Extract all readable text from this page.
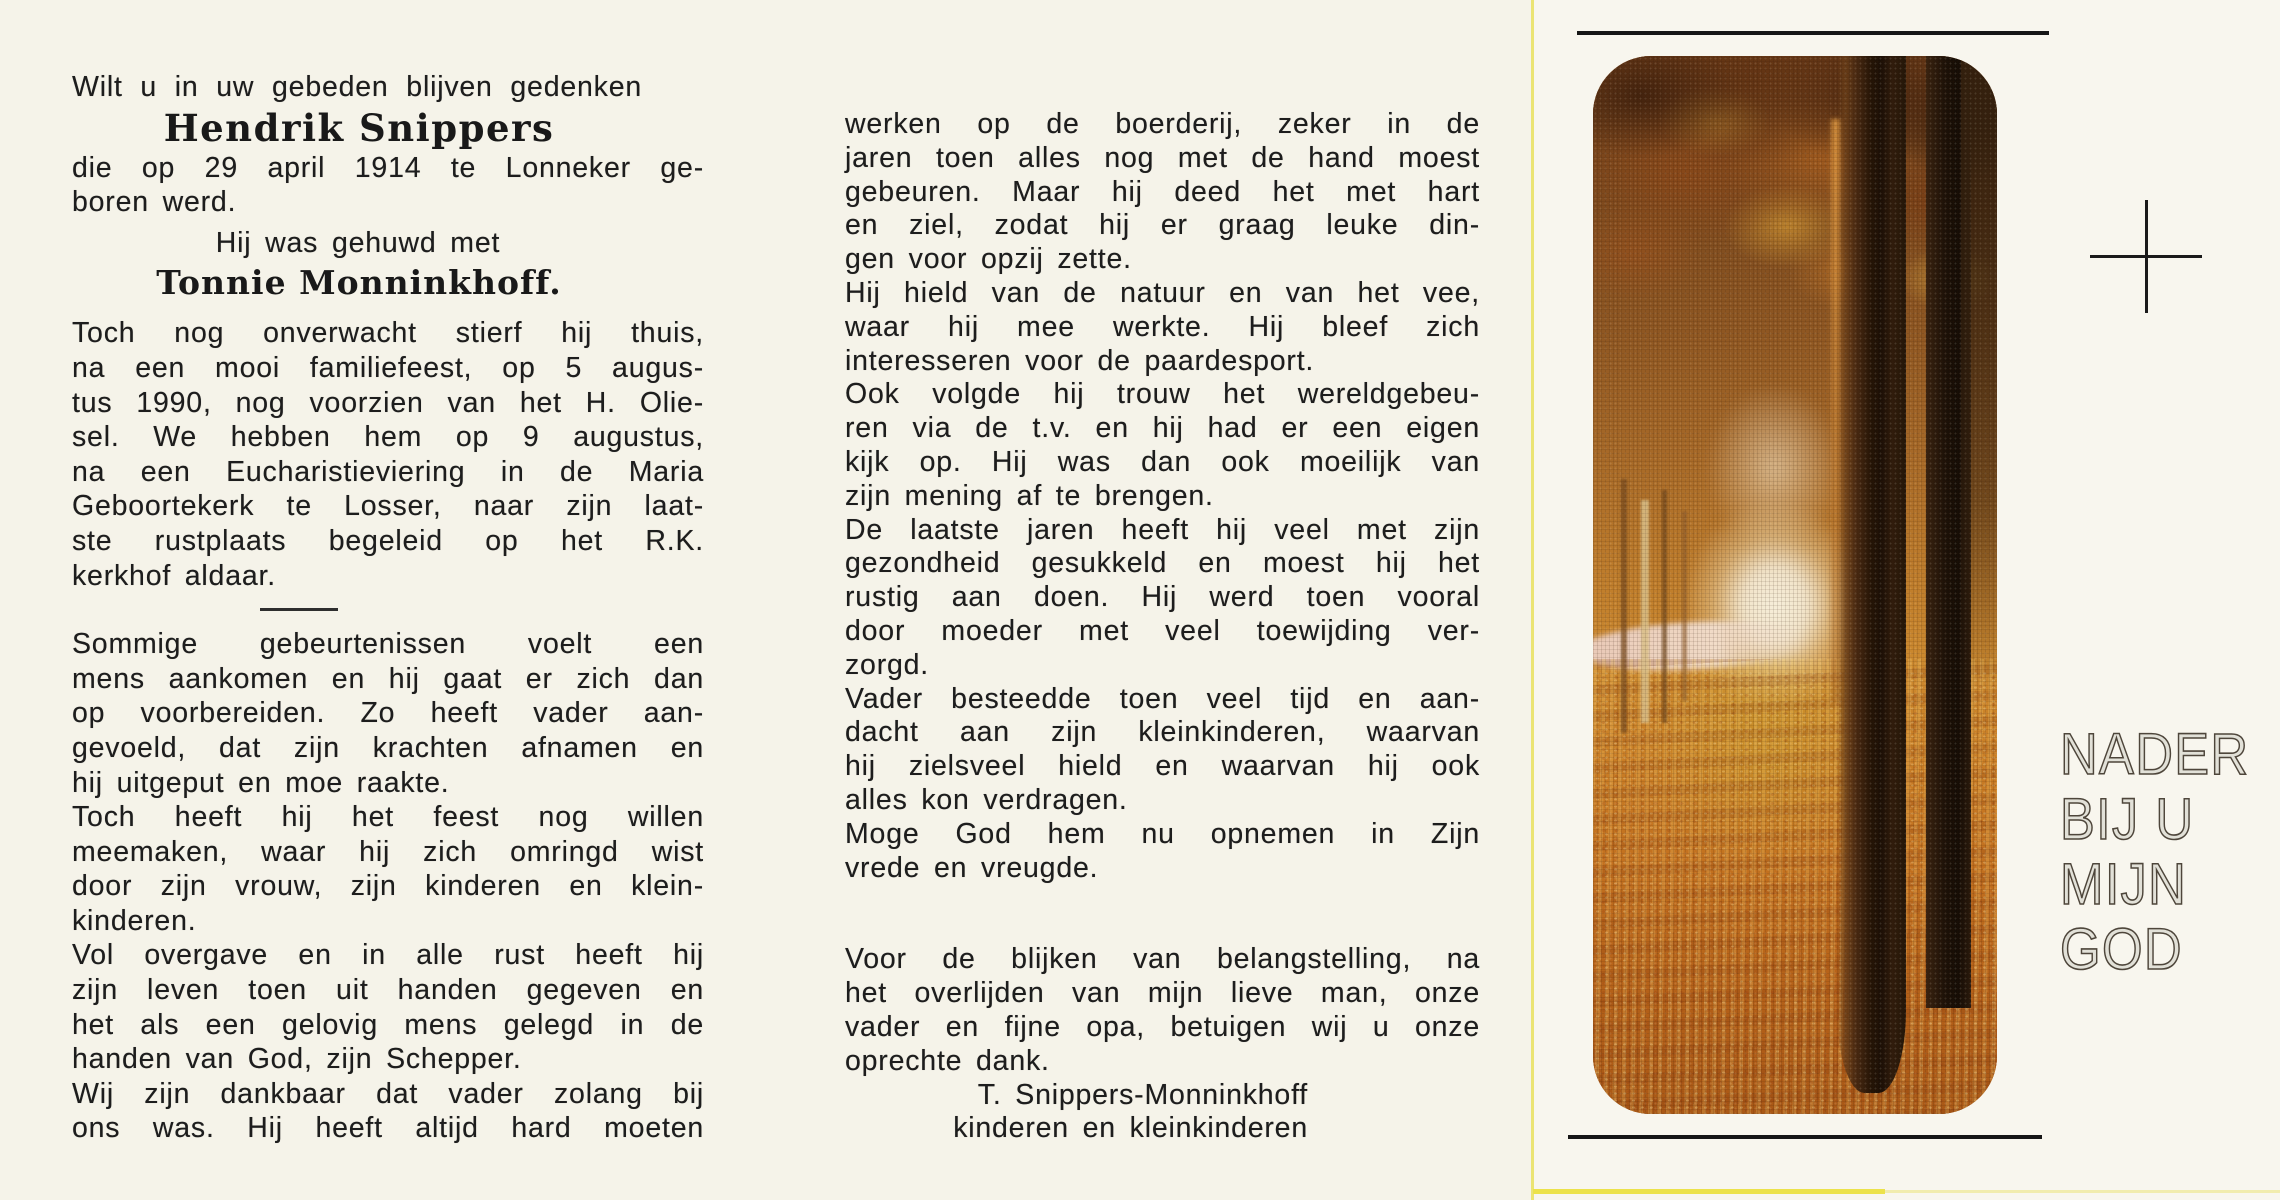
Wilt u in uw gebeden blijven gedenken
Hendrik Snippers
die op 29 april 1914 te Lonneker ge-
boren werd.
Hij was gehuwd met
Tonnie Monninkhoff.
Toch nog onverwacht stierf hij thuis,
na een mooi familiefeest, op 5 augus-
tus 1990, nog voorzien van het H. Olie-
sel. We hebben hem op 9 augustus,
na een Eucharistieviering in de Maria
Geboortekerk te Losser, naar zijn laat-
ste rustplaats begeleid op het R.K.
kerkhof aldaar.
Sommige gebeurtenissen voelt een
mens aankomen en hij gaat er zich dan
op voorbereiden. Zo heeft vader aan-
gevoeld, dat zijn krachten afnamen en
hij uitgeput en moe raakte.
Toch heeft hij het feest nog willen
meemaken, waar hij zich omringd wist
door zijn vrouw, zijn kinderen en klein-
kinderen.
Vol overgave en in alle rust heeft hij
zijn leven toen uit handen gegeven en
het als een gelovig mens gelegd in de
handen van God, zijn Schepper.
Wij zijn dankbaar dat vader zolang bij
ons was. Hij heeft altijd hard moeten
werken op de boerderij, zeker in de
jaren toen alles nog met de hand moest
gebeuren. Maar hij deed het met hart
en ziel, zodat hij er graag leuke din-
gen voor opzij zette.
Hij hield van de natuur en van het vee,
waar hij mee werkte. Hij bleef zich
interesseren voor de paardesport.
Ook volgde hij trouw het wereldgebeu-
ren via de t.v. en hij had er een eigen
kijk op. Hij was dan ook moeilijk van
zijn mening af te brengen.
De laatste jaren heeft hij veel met zijn
gezondheid gesukkeld en moest hij het
rustig aan doen. Hij werd toen vooral
door moeder met veel toewijding ver-
zorgd.
Vader besteedde toen veel tijd en aan-
dacht aan zijn kleinkinderen, waarvan
hij zielsveel hield en waarvan hij ook
alles kon verdragen.
Moge God hem nu opnemen in Zijn
vrede en vreugde.
Voor de blijken van belangstelling, na
het overlijden van mijn lieve man, onze
vader en fijne opa, betuigen wij u onze
oprechte dank.
T. Snippers-Monninkhoff
kinderen en kleinkinderen
NADER
BIJ U
MIJN
GOD
